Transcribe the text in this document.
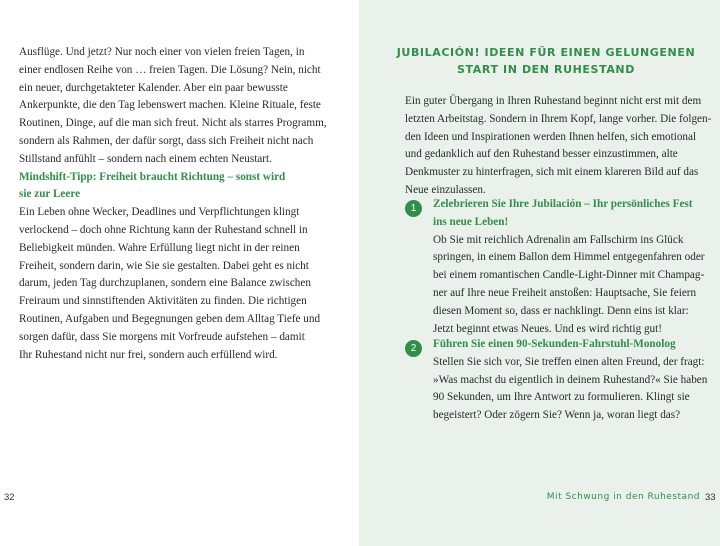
Ausflüge. Und jetzt? Nur noch einer von vielen freien Tagen, in
einer endlosen Reihe von … freien Tagen. Die Lösung? Nein, nicht
ein neuer, durchgetakteter Kalender. Aber ein paar bewusste
Ankerpunkte, die den Tag lebenswert machen. Kleine Rituale, feste
Routinen, Dinge, auf die man sich freut. Nicht als starres Programm,
sondern als Rahmen, der dafür sorgt, dass sich Freiheit nicht nach
Stillstand anfühlt – sondern nach einem echten Neustart.

Mindshift-Tipp: Freiheit braucht Richtung – sonst wird
sie zur Leere

Ein Leben ohne Wecker, Deadlines und Verpflichtungen klingt
verlockend – doch ohne Richtung kann der Ruhestand schnell in
Beliebigkeit münden. Wahre Erfüllung liegt nicht in der reinen
Freiheit, sondern darin, wie Sie sie gestalten. Dabei geht es nicht
darum, jeden Tag durchzuplanen, sondern eine Balance zwischen
Freiraum und sinnstiftenden Aktivitäten zu finden. Die richtigen
Routinen, Aufgaben und Begegnungen geben dem Alltag Tiefe und
sorgen dafür, dass Sie morgens mit Vorfreude aufstehen – damit
Ihr Ruhestand nicht nur frei, sondern auch erfüllend wird.

32
JUBILACIÓN! IDEEN FÜR EINEN GELUNGENEN
START IN DEN RUHESTAND

Ein guter Übergang in Ihren Ruhestand beginnt nicht erst mit dem
letzten Arbeitstag. Sondern in Ihrem Kopf, lange vorher. Die folgen-
den Ideen und Inspirationen werden Ihnen helfen, sich emotional
und gedanklich auf den Ruhestand besser einzustimmen, alte
Denkmuster zu hinterfragen, sich mit einem klareren Bild auf das
Neue einzulassen.

1	Zelebrieren Sie Ihre Jubilación – Ihr persönliches Fest
ins neue Leben!

Ob Sie mit reichlich Adrenalin am Fallschirm ins Glück
springen, in einem Ballon dem Himmel entgegenfahren oder
bei einem romantischen Candle-Light-Dinner mit Champag-
ner auf Ihre neue Freiheit anstoßen: Hauptsache, Sie feiern
diesen Moment so, dass er nachklingt. Denn eins ist klar:
Jetzt beginnt etwas Neues. Und es wird richtig gut!

2	Führen Sie einen 90-Sekunden-Fahrstuhl-Monolog

Stellen Sie sich vor, Sie treffen einen alten Freund, der fragt:
»Was machst du eigentlich in deinem Ruhestand?« Sie haben
90 Sekunden, um Ihre Antwort zu formulieren. Klingt sie
begeistert? Oder zögern Sie? Wenn ja, woran liegt das?

Mit Schwung in den Ruhestand 33
